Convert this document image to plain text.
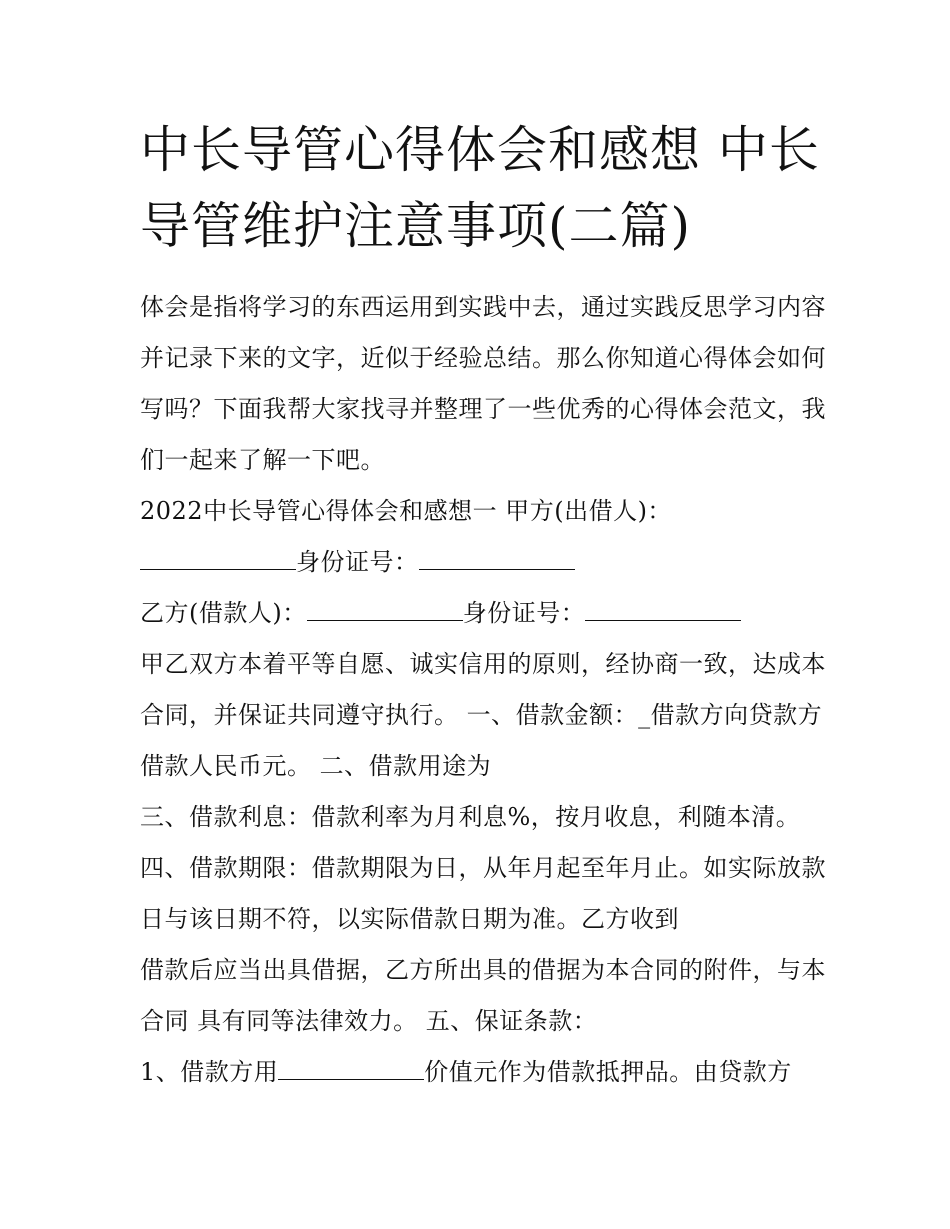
中长导管心得体会和感想 中长导管维护注意事项(二篇)

体会是指将学习的东西运用到实践中去，通过实践反思学习内容并记录下来的文字，近似于经验总结。那么你知道心得体会如何写吗？下面我帮大家找寻并整理了一些优秀的心得体会范文，我们一起来了解一下吧。

2022中长导管心得体会和感想一 甲方(出借人)：

身份证号：

乙方(借款人)：	身份证号：

甲乙双方本着平等自愿、诚实信用的原则，经协商一致，达成本合同，并保证共同遵守执行。 一、借款金额：_借款方向贷款方借款人民币元。 二、借款用途为

三、借款利息：借款利率为月利息%，按月收息，利随本清。

四、借款期限：借款期限为日，从年月起至年月止。如实际放款日与该日期不符，以实际借款日期为准。乙方收到

借款后应当出具借据，乙方所出具的借据为本合同的附件，与本合同 具有同等法律效力。 五、保证条款：

1、借款方用	价值元作为借款抵押品。由贷款方
